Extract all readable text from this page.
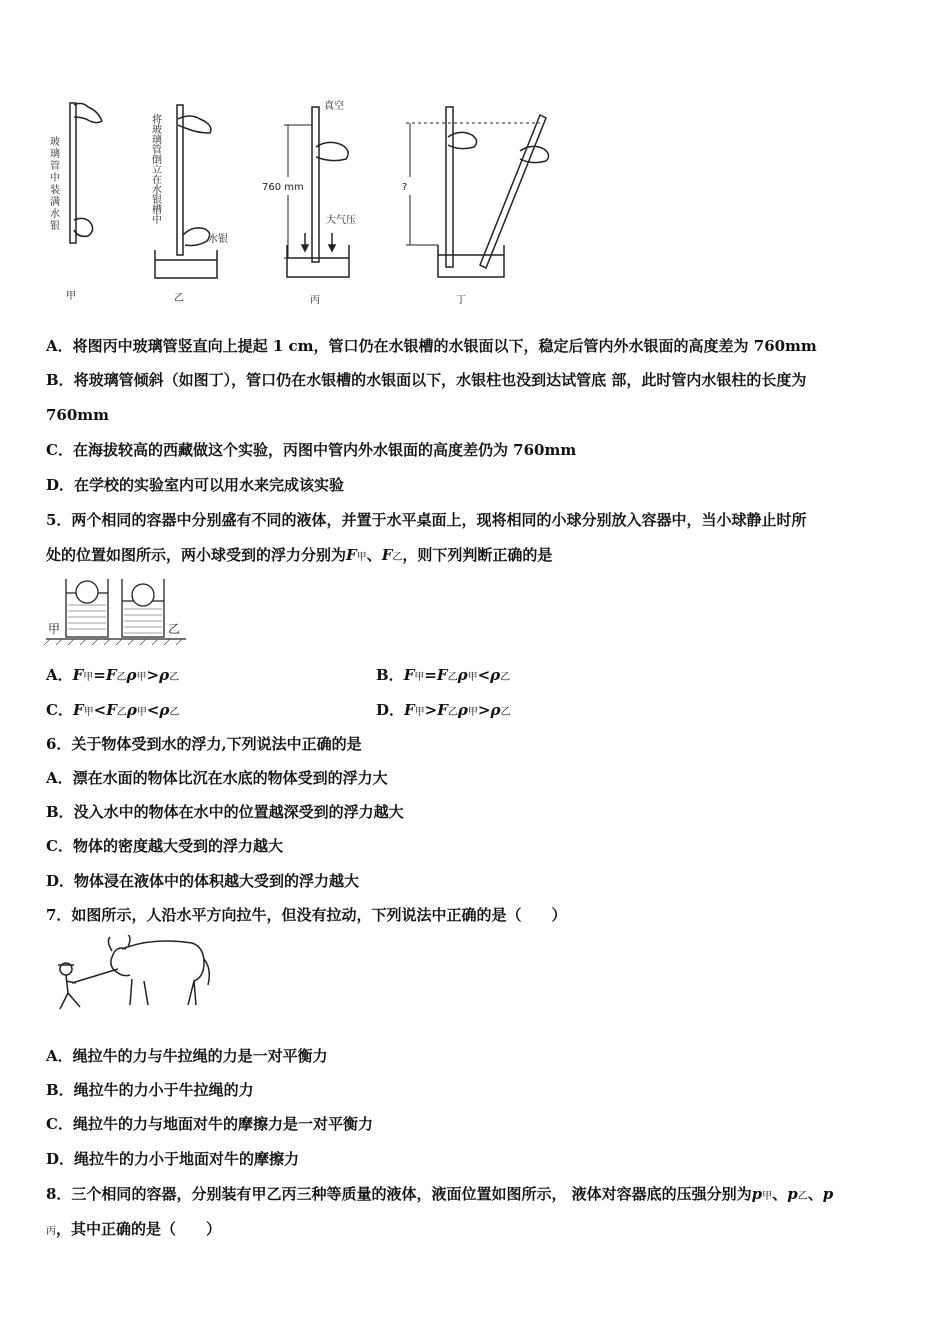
玻
璃
管
中
装
满
水
银
将
玻
璃
管
倒
立
在
水
银
槽
中
水银
真空
760 mm
大气压
?
甲	乙	丙	丁
A．将图丙中玻璃管竖直向上提起 1 cm，管口仍在水银槽的水银面以下，稳定后管内外水银面的高度差为 760mm
B．将玻璃管倾斜（如图丁），管口仍在水银槽的水银面以下，水银柱也没到达试管底 部，此时管内水银柱的长度为
760mm
C．在海拔较高的西藏做这个实验，丙图中管内外水银面的高度差仍为 760mm
D．在学校的实验室内可以用水来完成该实验
5．两个相同的容器中分别盛有不同的液体，并置于水平桌面上，现将相同的小球分别放入容器中，当小球静止时所
处的位置如图所示，两小球受到的浮力分别为F甲、F乙，则下列判断正确的是
甲	乙
A．F甲=F乙ρ甲>ρ乙	B．F甲=F乙ρ甲<ρ乙
C．F甲<F乙ρ甲<ρ乙	D．F甲>F乙ρ甲>ρ乙
6．关于物体受到水的浮力,下列说法中正确的是
A．漂在水面的物体比沉在水底的物体受到的浮力大
B．没入水中的物体在水中的位置越深受到的浮力越大
C．物体的密度越大受到的浮力越大
D．物体浸在液体中的体积越大受到的浮力越大
7．如图所示，人沿水平方向拉牛，但没有拉动，下列说法中正确的是（　　）
A．绳拉牛的力与牛拉绳的力是一对平衡力
B．绳拉牛的力小于牛拉绳的力
C．绳拉牛的力与地面对牛的摩擦力是一对平衡力
D．绳拉牛的力小于地面对牛的摩擦力
8．三个相同的容器，分别装有甲乙丙三种等质量的液体，液面位置如图所示， 液体对容器底的压强分别为p甲、p乙、p
丙，其中正确的是（　　）
